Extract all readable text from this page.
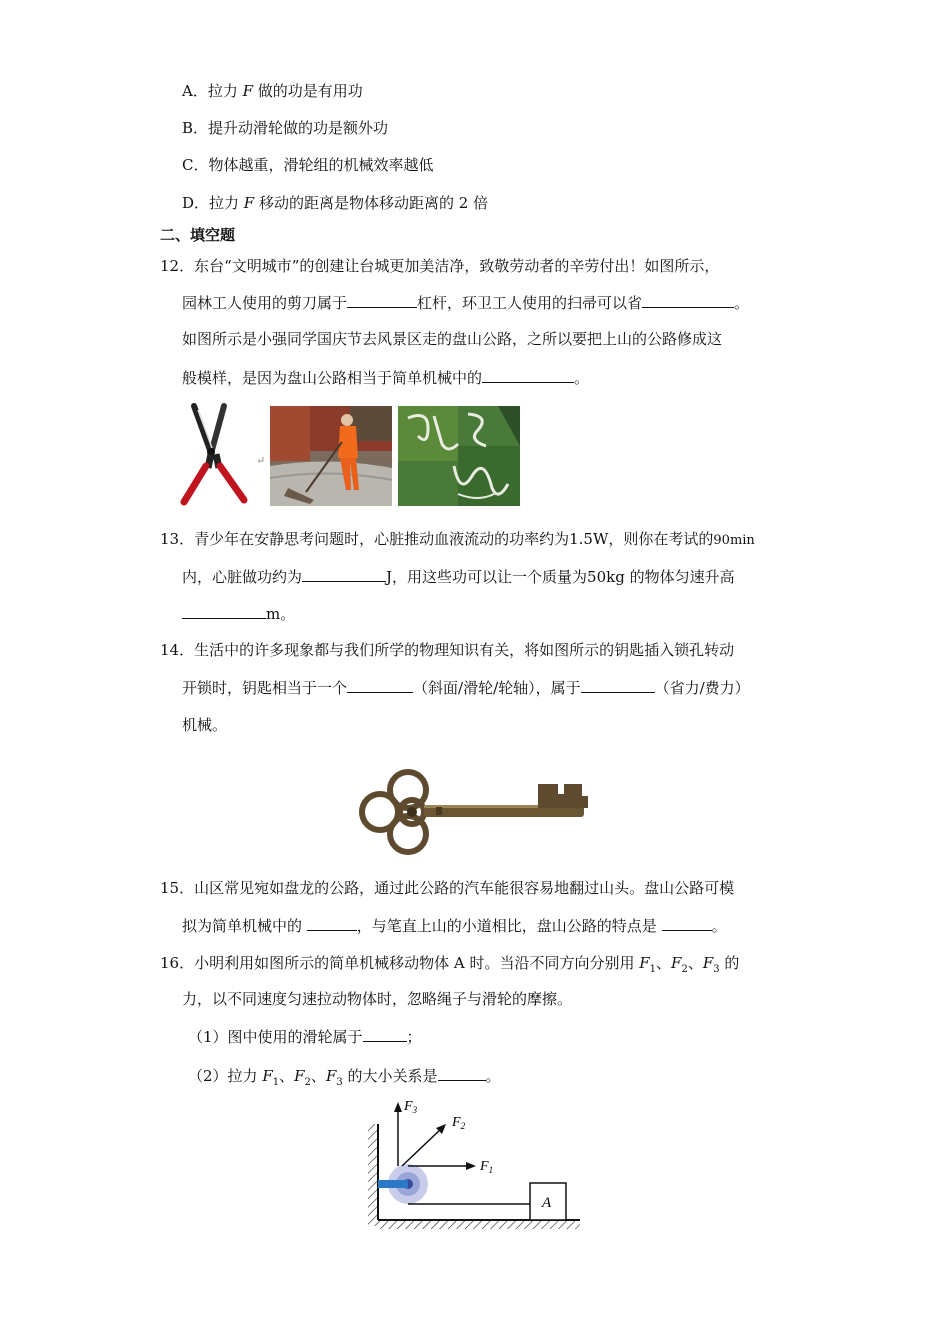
A．拉力 F 做的功是有用功
B．提升动滑轮做的功是额外功
C．物体越重，滑轮组的机械效率越低
D．拉力 F 移动的距离是物体移动距离的 2 倍
二、填空题
12．东台“文明城市”的创建让台城更加美洁净，致敬劳动者的辛劳付出！如图所示，
园林工人使用的剪刀属于	杠杆，环卫工人使用的扫帚可以省	。
如图所示是小强同学国庆节去风景区走的盘山公路，之所以要把上山的公路修成这
般模样，是因为盘山公路相当于简单机械中的	。
↵
13．青少年在安静思考问题时，心脏推动血液流动的功率约为1.5W，则你在考试的90min
内，心脏做功约为	J，用这些功可以让一个质量为50kg 的物体匀速升高
m。
14．生活中的许多现象都与我们所学的物理知识有关，将如图所示的钥匙插入锁孔转动
开锁时，钥匙相当于一个	（斜面/滑轮/轮轴），属于	（省力/费力）
机械。
15．山区常见宛如盘龙的公路，通过此公路的汽车能很容易地翻过山头。盘山公路可模
拟为简单机械中的	，与笔直上山的小道相比，盘山公路的特点是	。
16．小明利用如图所示的简单机械移动物体 A 时。当沿不同方向分别用 $F_1$、$F_2$、$F_3$ 的
力，以不同速度匀速拉动物体时，忽略绳子与滑轮的摩擦。
（1）图中使用的滑轮属于	；
（2）拉力 $F_1$、$F_2$、$F_3$ 的大小关系是	。
A
$F_3$
$F_2$
$F_1$
